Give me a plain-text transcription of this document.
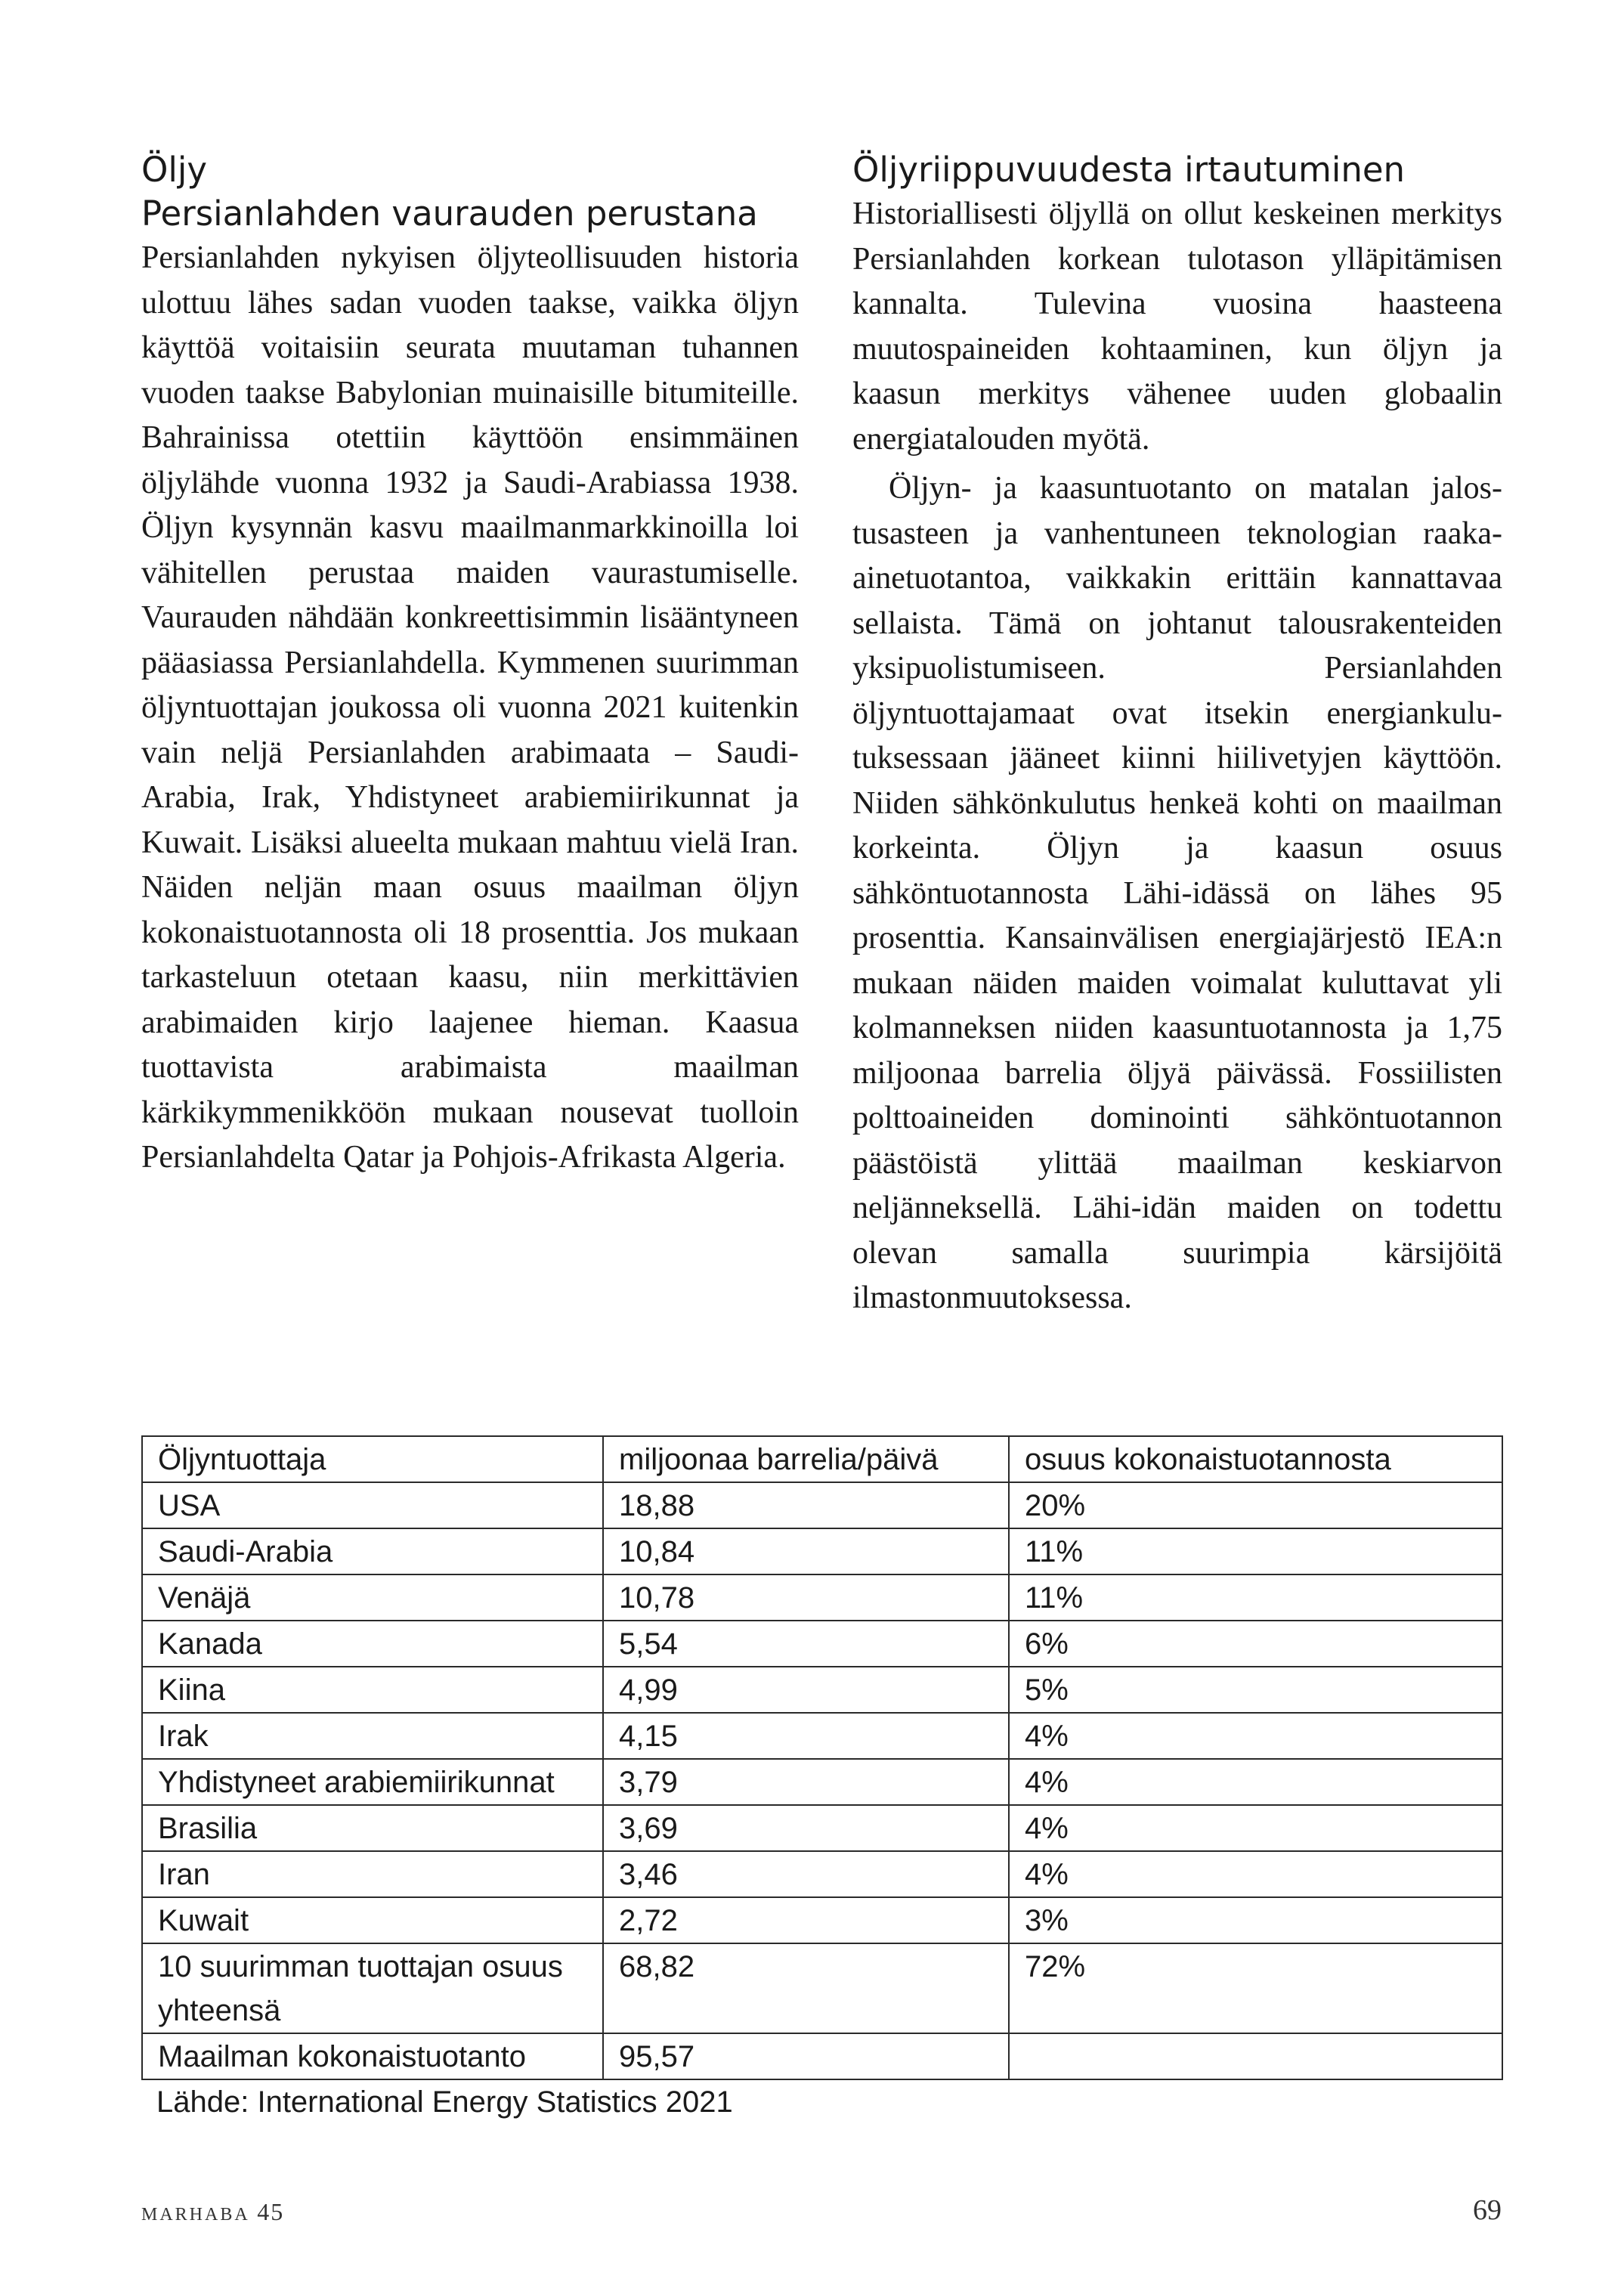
Öljy
Persianlahden vaurauden perustana

Persianlahden nykyisen öljyteollisuuden historia ulottuu lähes sadan vuoden taakse, vaikka öljyn käyttöä voitaisiin seurata muutaman tuhannen vuoden taakse Babylonian muinaisille bitumiteille. Bahrainissa otettiin käyttöön ensimmäinen öljylähde vuonna 1932 ja Saudi-Arabiassa 1938. Öljyn kysynnän kasvu maailmanmarkkinoilla loi vähitellen perustaa maiden vaurastumiselle. Vaurauden nähdään konkreettisimmin lisääntyneen pääasiassa Persianlahdella. Kymmenen suurimman öljyntuottajan joukossa oli vuonna 2021 kuitenkin vain neljä Persianlahden arabimaata – Saudi-Arabia, Irak, Yhdistyneet arabiemiirikunnat ja Kuwait. Lisäksi alueelta mukaan mahtuu vielä Iran. Näiden neljän maan osuus maailman öljyn kokonaistuotannosta oli 18 prosenttia. Jos mukaan tarkasteluun otetaan kaasu, niin merkittävien arabimaiden kirjo laajenee hieman. Kaasua tuottavista arabimaista maailman kärkikymmenikköön mukaan nousevat tuolloin Persianlahdelta Qatar ja Pohjois-Afrikasta Algeria.

Öljyriippuvuudesta irtautuminen

Historiallisesti öljyllä on ollut keskeinen merkitys Persianlahden korkean tulotason ylläpitämisen kannalta. Tulevina vuosina haasteena muutospaineiden kohtaaminen, kun öljyn ja kaasun merkitys vähenee uuden globaalin energiatalouden myötä.

Öljyn- ja kaasuntuotanto on matalan jalostusasteen ja vanhentuneen teknologian raaka-ainetuotantoa, vaikkakin erittäin kannattavaa sellaista. Tämä on johtanut talousrakenteiden yksipuolistumiseen. Persianlahden öljyntuottajamaat ovat itsekin energiankulutuksessaan jääneet kiinni hiilivetyjen käyttöön. Niiden sähkönkulutus henkeä kohti on maailman korkeinta. Öljyn ja kaasun osuus sähköntuotannosta Lähi-idässä on lähes 95 prosenttia. Kansainvälisen energiajärjestö IEA:n mukaan näiden maiden voimalat kuluttavat yli kolmanneksen niiden kaasuntuotannosta ja 1,75 miljoonaa barrelia öljyä päivässä. Fossiilisten polttoaineiden dominointi sähköntuotannon päästöistä ylittää maailman keskiarvon neljänneksellä. Lähi-idän maiden on todettu olevan samalla suurimpia kärsijöitä ilmastonmuutoksessa.

Öljyntuottaja	miljoonaa barrelia/päivä	osuus kokonaistuotannosta
USA	18,88	20%
Saudi-Arabia	10,84	11%
Venäjä	10,78	11%
Kanada	5,54	6%
Kiina	4,99	5%
Irak	4,15	4%
Yhdistyneet arabiemiirikunnat	3,79	4%
Brasilia	3,69	4%
Iran	3,46	4%
Kuwait	2,72	3%
10 suurimman tuottajan osuus yhteensä	68,82	72%
Maailman kokonaistuotanto	95,57	

Lähde: International Energy Statistics 2021

MARHABA 45	69
